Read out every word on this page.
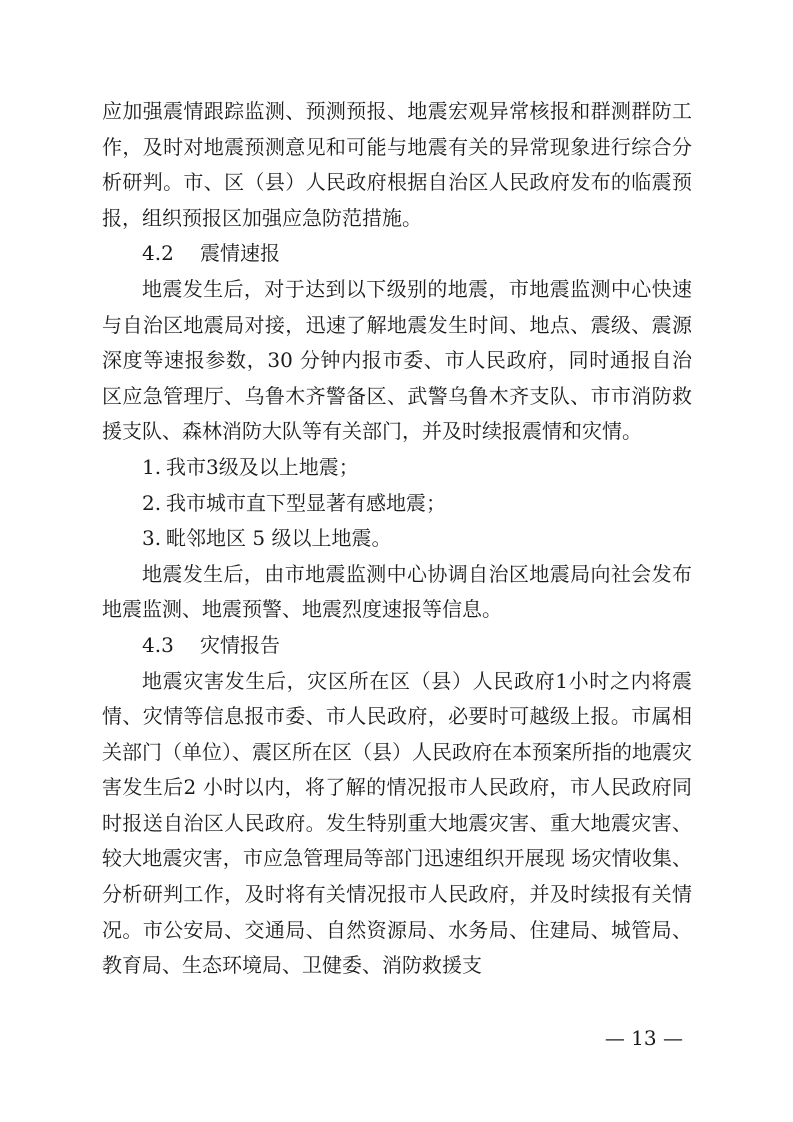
应加强震情跟踪监测、预测预报、地震宏观异常核报和群测群防工作，及时对地震预测意见和可能与地震有关的异常现象进行综合分析研判。市、区（县）人民政府根据自治区人民政府发布的临震预报，组织预报区加强应急防范措施。

4.2 震情速报

地震发生后，对于达到以下级别的地震，市地震监测中心快速与自治区地震局对接，迅速了解地震发生时间、地点、震级、震源深度等速报参数，30 分钟内报市委、市人民政府，同时通报自治区应急管理厅、乌鲁木齐警备区、武警乌鲁木齐支队、市市消防救援支队、森林消防大队等有关部门，并及时续报震情和灾情。

1. 我市3级及以上地震；

2. 我市城市直下型显著有感地震；

3. 毗邻地区 5 级以上地震。

地震发生后，由市地震监测中心协调自治区地震局向社会发布地震监测、地震预警、地震烈度速报等信息。

4.3 灾情报告

地震灾害发生后，灾区所在区（县）人民政府1小时之内将震情、灾情等信息报市委、市人民政府，必要时可越级上报。市属相关部门（单位）、震区所在区（县）人民政府在本预案所指的地震灾害发生后2 小时以内，将了解的情况报市人民政府，市人民政府同时报送自治区人民政府。发生特别重大地震灾害、重大地震灾害、较大地震灾害，市应急管理局等部门迅速组织开展现 场灾情收集、分析研判工作，及时将有关情况报市人民政府，并及时续报有关情况。市公安局、交通局、自然资源局、水务局、住建局、城管局、教育局、生态环境局、卫健委、消防救援支

— 13 —
